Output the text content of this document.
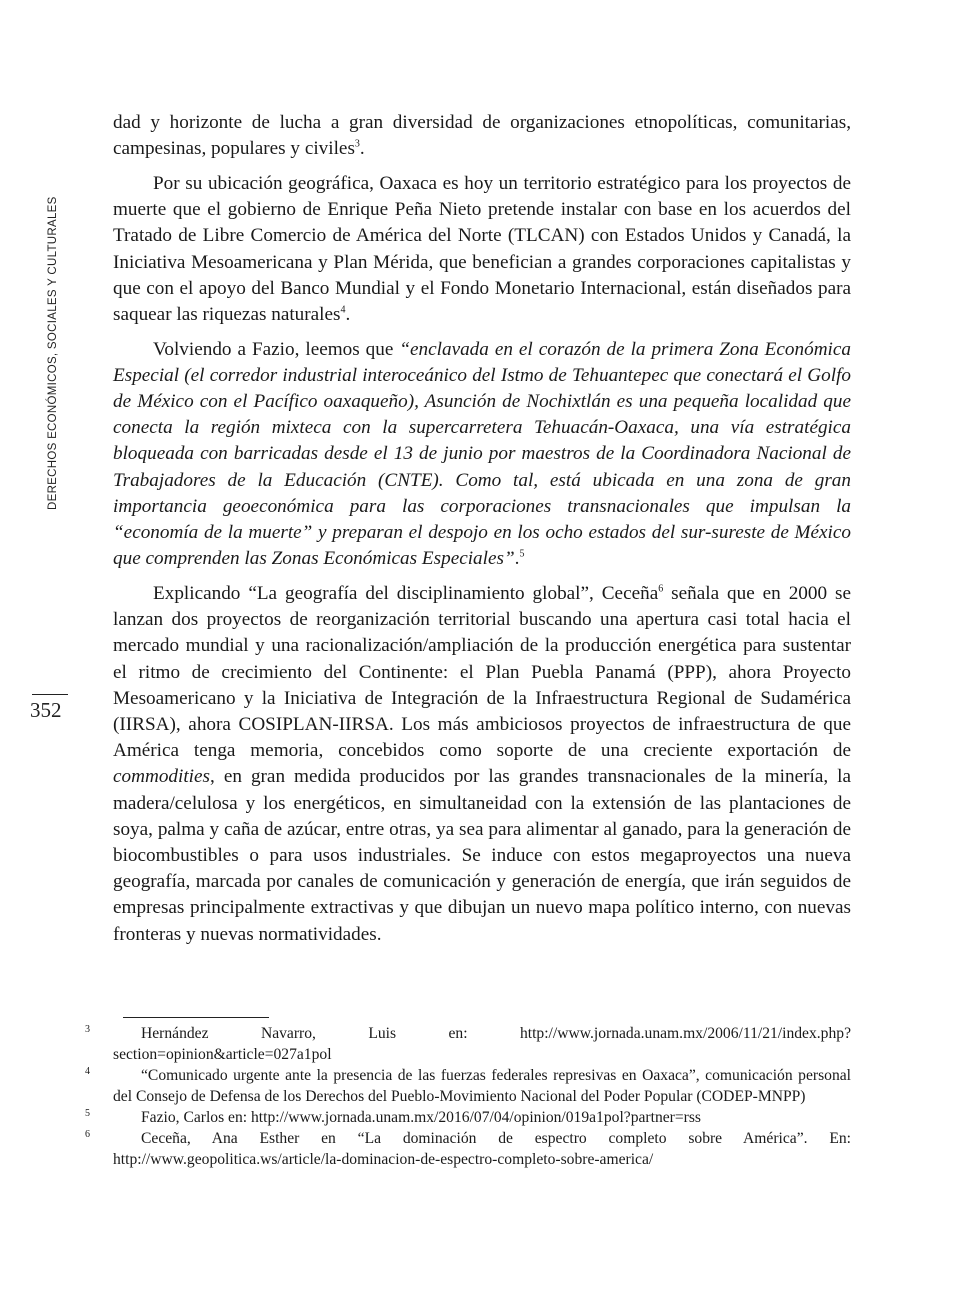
DERECHOS ECONÓMICOS, SOCIALES Y CULTURALES
352

dad y horizonte de lucha a gran diversidad de organizaciones etnopolíticas, comunitarias, campesinas, populares y civiles$^3$.

Por su ubicación geográfica, Oaxaca es hoy un territorio estratégico para los proyectos de muerte que el gobierno de Enrique Peña Nieto pretende instalar con base en los acuerdos del Tratado de Libre Comercio de América del Norte (TLCAN) con Estados Unidos y Canadá, la Iniciativa Mesoamericana y Plan Mérida, que benefician a grandes corporaciones capitalistas y que con el apoyo del Banco Mundial y el Fondo Monetario Internacional, están diseñados para saquear las riquezas naturales$^4$.

Volviendo a Fazio, leemos que “enclavada en el corazón de la primera Zona Económica Especial (el corredor industrial interoceánico del Istmo de Tehuantepec que conectará el Golfo de México con el Pacífico oaxaqueño), Asunción de Nochixtlán es una pequeña localidad que conecta la región mixteca con la supercarretera Tehuacán-Oaxaca, una vía estratégica bloqueada con barricadas desde el 13 de junio por maestros de la Coordinadora Nacional de Trabajadores de la Educación (CNTE). Como tal, está ubicada en una zona de gran importancia geoeconómica para las corporaciones transnacionales que impulsan la “economía de la muerte” y preparan el despojo en los ocho estados del sur-sureste de México que comprenden las Zonas Económicas Especiales”.$^5$

Explicando “La geografía del disciplinamiento global”, Ceceña$^6$ señala que en 2000 se lanzan dos proyectos de reorganización territorial buscando una apertura casi total hacia el mercado mundial y una racionalización/ampliación de la producción energética para sustentar el ritmo de crecimiento del Continente: el Plan Puebla Panamá (PPP), ahora Proyecto Mesoamericano y la Iniciativa de Integración de la Infraestructura Regional de Sudamérica (IIRSA), ahora COSIPLAN-IIRSA. Los más ambiciosos proyectos de infraestructura de que América tenga memoria, concebidos como soporte de una creciente exportación de commodities, en gran medida producidos por las grandes transnacionales de la minería, la madera/celulosa y los energéticos, en simultaneidad con la extensión de las plantaciones de soya, palma y caña de azúcar, entre otras, ya sea para alimentar al ganado, para la generación de biocombustibles o para usos industriales. Se induce con estos megaproyectos una nueva geografía, marcada por canales de comunicación y generación de energía, que irán seguidos de empresas principalmente extractivas y que dibujan un nuevo mapa político interno, con nuevas fronteras y nuevas normatividades.

3	Hernández Navarro, Luis en: http://www.jornada.unam.mx/2006/11/21/index.php?section=opinion&article=027a1pol

4	“Comunicado urgente ante la presencia de las fuerzas federales represivas en Oaxaca”, comunicación personal del Consejo de Defensa de los Derechos del Pueblo-Movimiento Nacional del Poder Popular (CODEP-MNPP)

5	Fazio, Carlos en: http://www.jornada.unam.mx/2016/07/04/opinion/019a1pol?partner=rss

6	Ceceña, Ana Esther en “La dominación de espectro completo sobre América”. En: http://www.geopolitica.ws/article/la-dominacion-de-espectro-completo-sobre-america/
